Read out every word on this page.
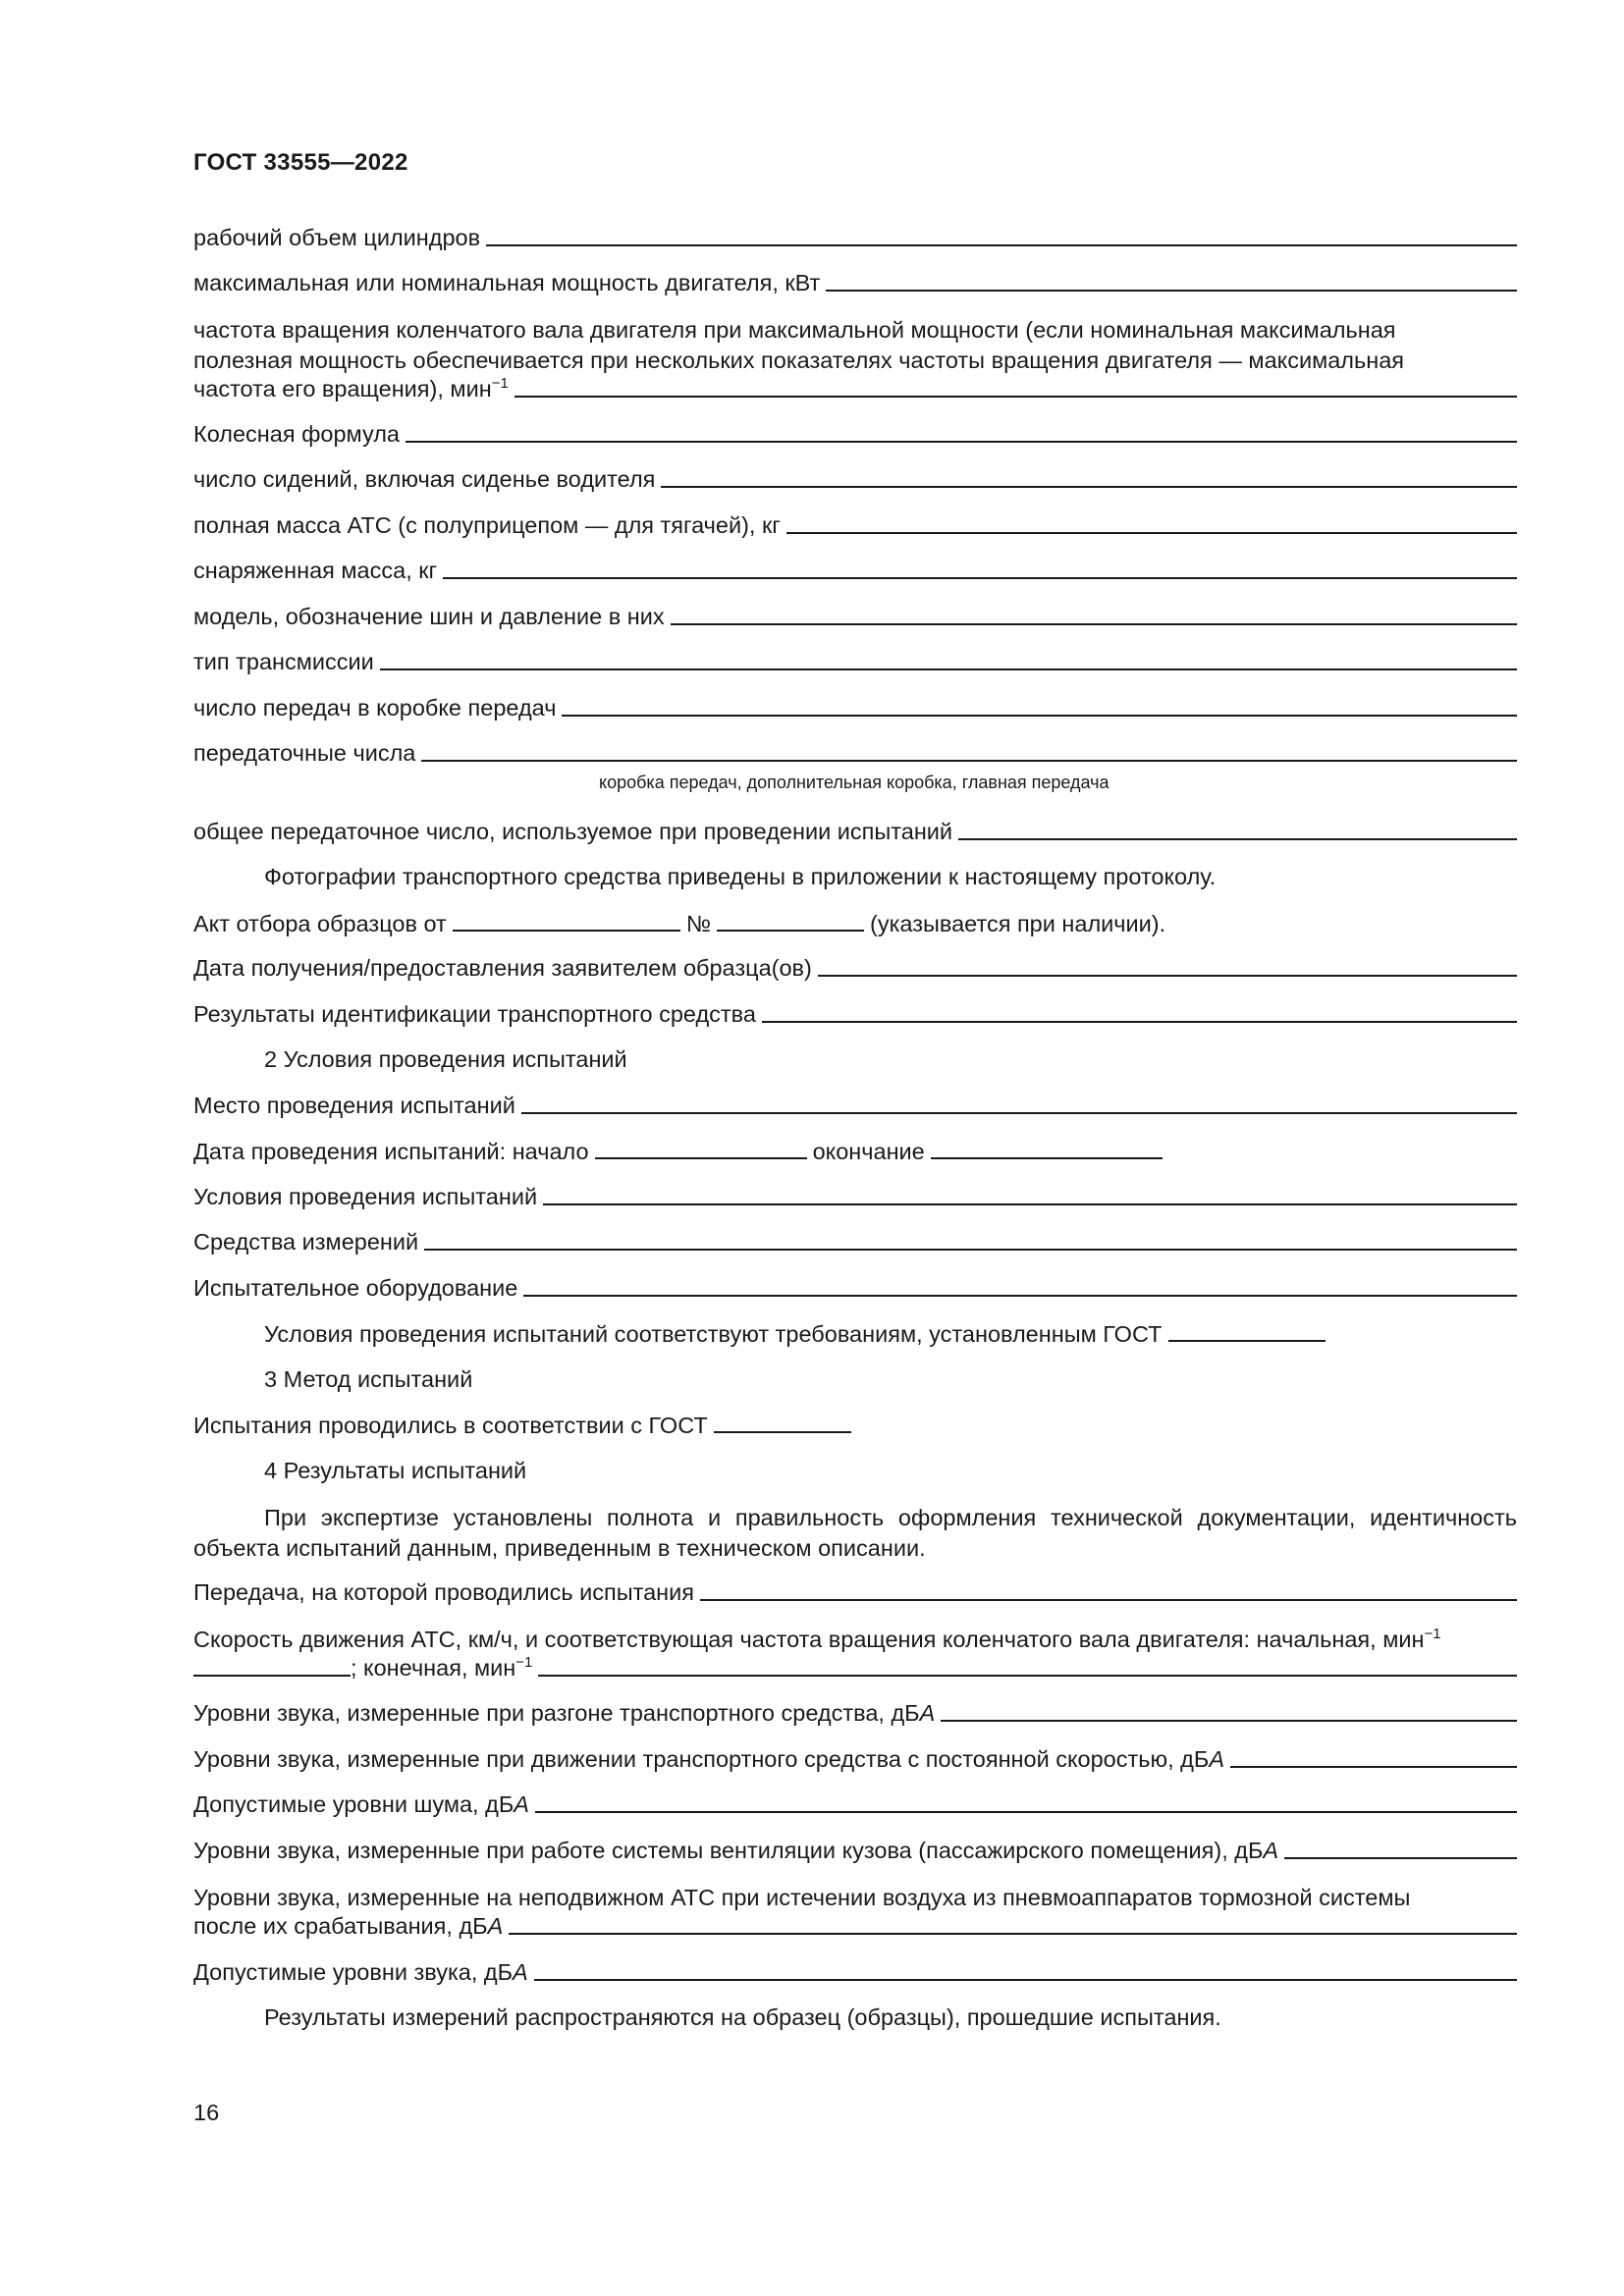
ГОСТ 33555—2022
рабочий объем цилиндров
максимальная или номинальная мощность двигателя, кВт
частота вращения коленчатого вала двигателя при максимальной мощности (если номинальная максимальная
полезная мощность обеспечивается при нескольких показателях частоты вращения двигателя — максимальная
частота его вращения), мин$^{-1}$
Колесная формула
число сидений, включая сиденье водителя
полная масса АТС (с полуприцепом — для тягачей), кг
снаряженная масса, кг
модель, обозначение шин и давление в них
тип трансмиссии
число передач в коробке передач
передаточные числа
коробка передач, дополнительная коробка, главная передача
общее передаточное число, используемое при проведении испытаний
Фотографии транспортного средства приведены в приложении к настоящему протоколу.
Акт отбора образцов от	№	(указывается при наличии).
Дата получения/предоставления заявителем образца(ов)
Результаты идентификации транспортного средства
2 Условия проведения испытаний
Место проведения испытаний
Дата проведения испытаний: начало	окончание
Условия проведения испытаний
Средства измерений
Испытательное оборудование
Условия проведения испытаний соответствуют требованиям, установленным ГОСТ
3 Метод испытаний
Испытания проводились в соответствии с ГОСТ
4 Результаты испытаний
При экспертизе установлены полнота и правильность оформления технической документации, идентичность объекта испытаний данным, приведенным в техническом описании.
Передача, на которой проводились испытания
Скорость движения АТС, км/ч, и соответствующая частота вращения коленчатого вала двигателя: начальная, мин$^{-1}$
; конечная, мин$^{-1}$
Уровни звука, измеренные при разгоне транспортного средства, дБА
Уровни звука, измеренные при движении транспортного средства с постоянной скоростью, дБА
Допустимые уровни шума, дБА
Уровни звука, измеренные при работе системы вентиляции кузова (пассажирского помещения), дБА
Уровни звука, измеренные на неподвижном АТС при истечении воздуха из пневмоаппаратов тормозной системы
после их срабатывания, дБА
Допустимые уровни звука, дБА
Результаты измерений распространяются на образец (образцы), прошедшие испытания.
16
